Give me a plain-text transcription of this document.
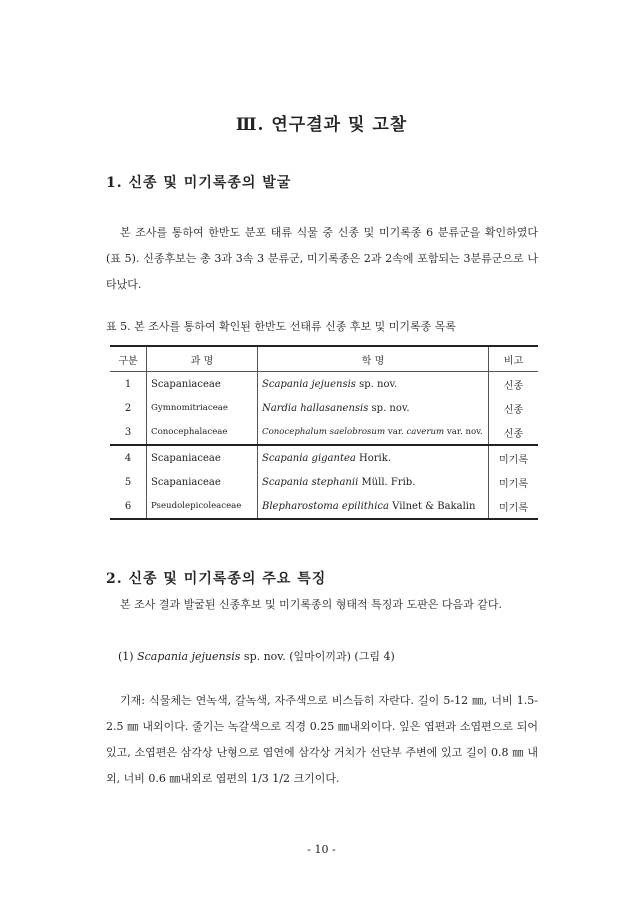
Ⅲ. 연구결과 및 고찰
1. 신종 및 미기록종의 발굴
본 조사를 통하여 한반도 분포 태류 식물 중 신종 및 미기록종 6 분류군을 확인하였다 (표 5). 신종후보는 총 3과 3속 3 분류군, 미기록종은 2과 2속에 포함되는 3분류군으로 나타났다.
표 5. 본 조사를 통하여 확인된 한반도 선태류 신종 후보 및 미기록종 목록
구분	과 명	학 명	비고
1	Scapaniaceae	Scapania jejuensis sp. nov.	신종
2	Gymnomitriaceae	Nardia hallasanensis sp. nov.	신종
3	Conocephalaceae	Conocephalum saelobrosum var. caverum var. nov.	신종
4	Scapaniaceae	Scapania gigantea Horik.	미기록
5	Scapaniaceae	Scapania stephanii Müll. Frib.	미기록
6	Pseudolepicoleaceae	Blepharostoma epilithica Vilnet & Bakalin	미기록
2. 신종 및 미기록종의 주요 특징
본 조사 결과 발굴된 신종후보 및 미기록종의 형태적 특징과 도판은 다음과 같다.
(1) Scapania jejuensis sp. nov. (잎마이끼과) (그림 4)
기재: 식물체는 연녹색, 갈녹색, 자주색으로 비스듬히 자란다. 길이 5-12 ㎜, 너비 1.5-2.5 ㎜ 내외이다. 줄기는 녹갈색으로 직경 0.25 ㎜내외이다. 잎은 엽편과 소엽편으로 되어있고, 소엽편은 삼각상 난형으로 엽연에 삼각상 거치가 선단부 주변에 있고 길이 0.8 ㎜ 내외, 너비 0.6 ㎜내외로 엽편의 1/3 1/2 크기이다.
- 10 -
